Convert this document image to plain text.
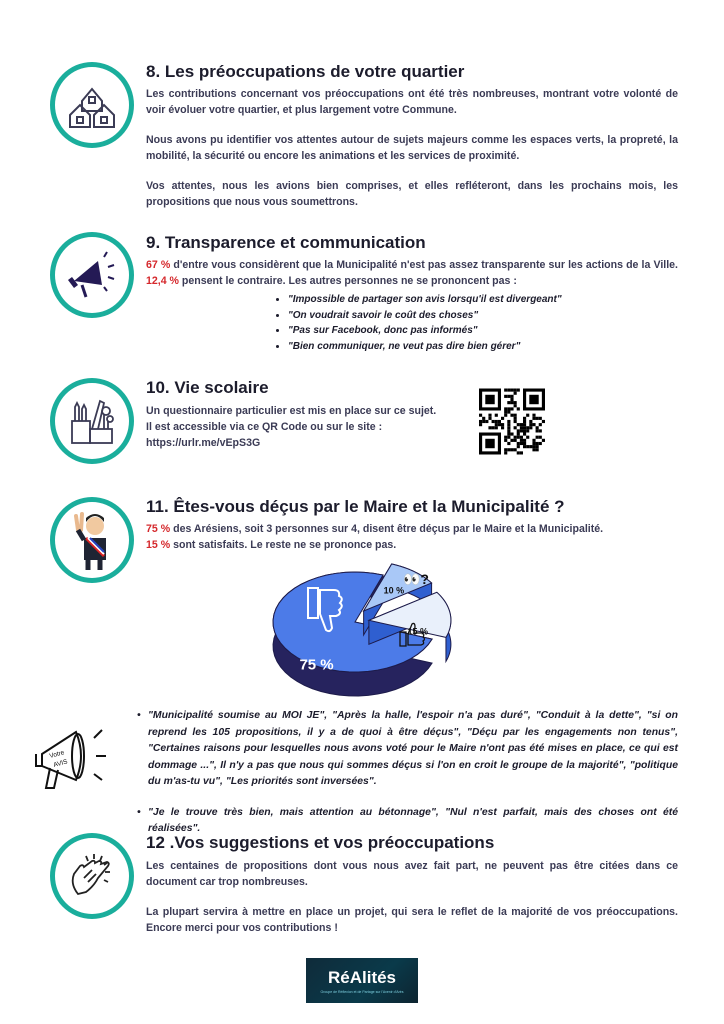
8. Les préoccupations de votre quartier

Les contributions concernant vos préoccupations ont été très nombreuses, montrant votre volonté de voir évoluer votre quartier, et plus largement votre Commune.

Nous avons pu identifier vos attentes autour de sujets majeurs comme les espaces verts, la propreté, la mobilité, la sécurité ou encore les animations et les services de proximité.

Vos attentes, nous les avions bien comprises, et elles refléteront, dans les prochains mois, les propositions que nous vous soumettrons.

9. Transparence et communication
67 % d'entre vous considèrent que la Municipalité n'est pas assez transparente sur les actions de la Ville. 12,4 % pensent le contraire. Les autres personnes ne se prononcent pas :
• "Impossible de partager son avis lorsqu'il est divergeant"
• "On voudrait savoir le coût des choses"
• "Pas sur Facebook, donc pas informés"
• "Bien communiquer, ne veut pas dire bien gérer"
10. Vie scolaire
Un questionnaire particulier est mis en place sur ce sujet.
Il est accessible via ce QR Code ou sur le site :
https://urlr.me/vEpS3G
11. Êtes-vous déçus par le Maire et la Municipalité ?
75 % des Arésiens, soit 3 personnes sur 4, disent être déçus par le Maire et la Municipalité.
15 % sont satisfaits. Le reste ne se prononce pas.
75 %
10 %
15 %
👀?
Votre
AVIS
• "Municipalité soumise au MOI JE", "Après la halle, l'espoir n'a pas duré", "Conduit à la dette", "si on reprend les 105 propositions, il y a de quoi à être déçus", "Déçu par les engagements non tenus", "Certaines raisons pour lesquelles nous avons voté pour le Maire n'ont pas été mises en place, ce qui est dommage ...", Il n'y a pas que nous qui sommes déçus si l'on en croit le groupe de la majorité", "politique du m'as-tu vu", "Les priorités sont inversées".
• "Je le trouve très bien, mais attention au bétonnage", "Nul n'est parfait, mais des choses ont été réalisées".
12 .Vos suggestions et vos préoccupations

Les centaines de propositions dont vous nous avez fait part, ne peuvent pas être citées dans ce document car trop nombreuses.

La plupart servira à mettre en place un projet, qui sera le reflet de la majorité de vos préoccupations. Encore merci pour vos contributions !

RéAlités
Groupe de Réflexion et de Partage sur l'Avenir d'Arès
